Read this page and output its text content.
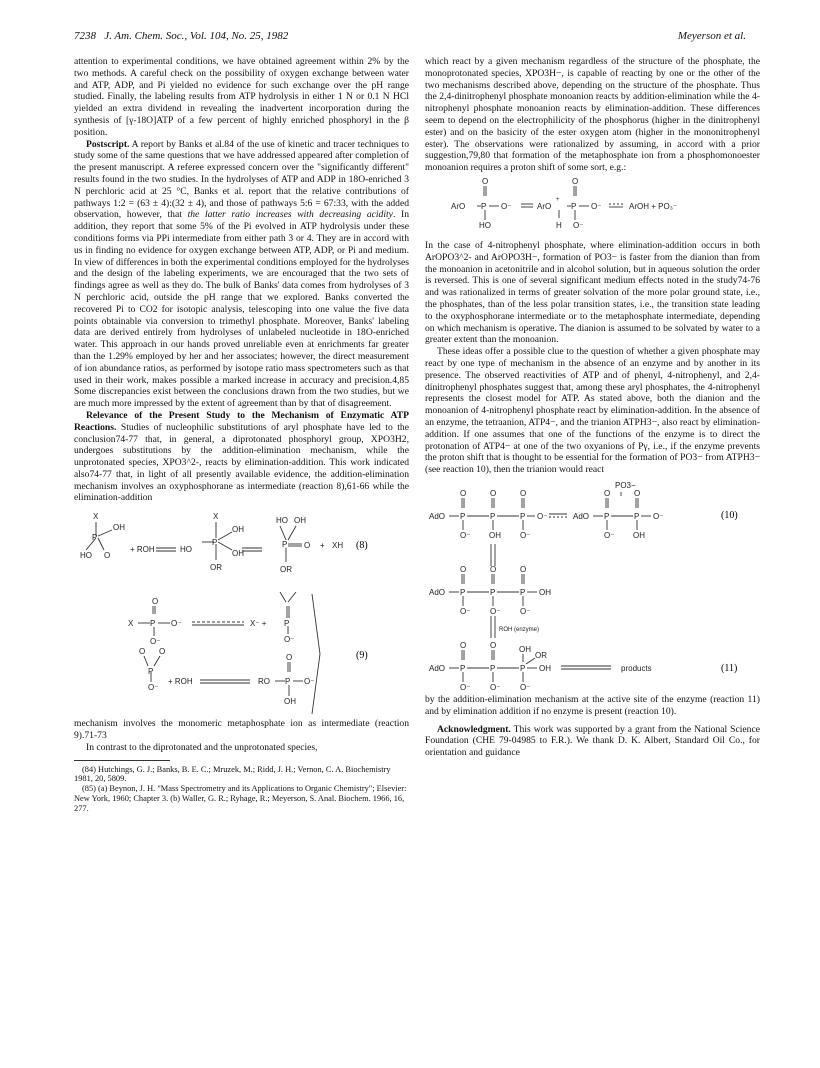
7238 J. Am. Chem. Soc., Vol. 104, No. 25, 1982	Meyerson et al.

attention to experimental conditions, we have obtained agreement within 2% by the two methods. A careful check on the possibility of oxygen exchange between water and ATP, ADP, and Pi yielded no evidence for such exchange over the pH range studied. Finally, the labeling results from ATP hydrolysis in either 1 N or 0.1 N HCl yielded an extra dividend in revealing the inadvertent incorporation during the synthesis of [γ-18O]ATP of a few percent of highly enriched phosphoryl in the β position.

Postscript. A report by Banks et al.84 of the use of kinetic and tracer techniques to study some of the same questions that we have addressed appeared after completion of the present manuscript. A referee expressed concern over the "significantly different" results found in the two studies. In the hydrolyses of ATP and ADP in 18O-enriched 3 N perchloric acid at 25 °C, Banks et al. report that the relative contributions of pathways 1:2 = (63 ± 4):(32 ± 4), and those of pathways 5:6 = 67:33, with the added observation, however, that the latter ratio increases with decreasing acidity. In addition, they report that some 5% of the Pi evolved in ATP hydrolysis under these conditions forms via PPi intermediate from either path 3 or 4. They are in accord with us in finding no evidence for oxygen exchange between ATP, ADP, or Pi and medium. In view of differences in both the experimental conditions employed for the hydrolyses and the design of the labeling experiments, we are encouraged that the two sets of findings agree as well as they do. The bulk of Banks' data comes from hydrolyses of 3 N perchloric acid, outside the pH range that we explored. Banks converted the recovered Pi to CO2 for isotopic analysis, telescoping into one value the five data points obtainable via conversion to trimethyl phosphate. Moreover, Banks' labeling data are derived entirely from hydrolyses of unlabeled nucleotide in 18O-enriched water. This approach in our hands proved unreliable even at enrichments far greater than the 1.29% employed by her and her associates; however, the direct measurement of ion abundance ratios, as performed by isotope ratio mass spectrometers such as that used in their work, makes possible a marked increase in accuracy and precision.4,85 Some discrepancies exist between the conclusions drawn from the two studies, but we are much more impressed by the extent of agreement than by that of disagreement.

Relevance of the Present Study to the Mechanism of Enzymatic ATP Reactions. Studies of nucleophilic substitutions of aryl phosphate have led to the conclusion74-77 that, in general, a diprotonated phosphoryl group, XPO3H2, undergoes substitutions by the addition-elimination mechanism, while the unprotonated species, XPO3^2-, reacts by elimination-addition. This work indicated also74-77 that, in light of all presently available evidence, the addition-elimination mechanism involves an oxyphosphorane as intermediate (reaction 8),61-66 while the elimination-addition

X
OH
P
HO O
+ ROH	HO
X
OH
P
OH
OR
HO OH
P O + XH
OR
(8)
O
X P O⁻
O⁻
X⁻ + P
O⁻
O O
P
+ ROH
O⁻
RO
O
P O⁻
OH
(9)

mechanism involves the monomeric metaphosphate ion as intermediate (reaction 9).71-73

In contrast to the diprotonated and the unprotonated species,

(84) Hutchings, G. J.; Banks, B. E. C.; Mruzek, M.; Ridd, J. H.; Vernon, C. A. Biochemistry 1981, 20, 5809.

(85) (a) Beynon, J. H. "Mass Spectrometry and its Applications to Organic Chemistry"; Elsevier: New York, 1960; Chapter 3. (b) Waller, G. R.; Ryhage, R.; Meyerson, S. Anal. Biochem. 1966, 16, 277.

which react by a given mechanism regardless of the structure of the phosphate, the monoprotonated species, XPO3H−, is capable of reacting by one or the other of the two mechanisms described above, depending on the structure of the phosphate. Thus the 2,4-dinitrophenyl phosphate monoanion reacts by addition-elimination while the 4-nitrophenyl phosphate monoanion reacts by elimination-addition. These differences seem to depend on the electrophilicity of the phosphorus (higher in the dinitrophenyl ester) and on the basicity of the ester oxygen atom (higher in the mononitrophenyl ester). The observations were rationalized by assuming, in accord with a prior suggestion,79,80 that formation of the metaphosphate ion from a phosphomonoester monoanion requires a proton shift of some sort, e.g.:

O
ArO P O⁻
HO
O
ArO
+
P O⁻
H O⁻
ArOH + PO₃⁻

In the case of 4-nitrophenyl phosphate, where elimination-addition occurs in both ArOPO3^2- and ArOPO3H−, formation of PO3− is faster from the dianion than from the monoanion in acetonitrile and in alcohol solution, but in aqueous solution the order is reversed. This is one of several significant medium effects noted in the study74-76 and was rationalized in terms of greater solvation of the more polar ground state, i.e., the phosphates, than of the less polar transition states, i.e., the transition state leading to the oxyphosphorane intermediate or to the metaphosphate intermediate, depending on which mechanism is operative. The dianion is assumed to be solvated by water to a greater extent than the monoanion.

These ideas offer a possible clue to the question of whether a given phosphate may react by one type of mechanism in the absence of an enzyme and by another in its presence. The observed reactivities of ATP and of phenyl, 4-nitrophenyl, and 2,4-dinitrophenyl phosphates suggest that, among these aryl phosphates, the 4-nitrophenyl represents the closest model for ATP. As stated above, both the dianion and the monoanion of 4-nitrophenyl phosphate react by elimination-addition. In the absence of an enzyme, the tetraanion, ATP4−, and the trianion ATPH3−, also react by elimination-addition. If one assumes that one of the functions of the enzyme is to direct the protonation of ATP4− at one of the two oxyanions of Pγ, i.e., if the enzyme prevents the proton shift that is thought to be essential for the formation of PO3− from ATPH3− (see reaction 10), then the trianion would react

PO3−
O	O	O
AdO P	P	P O⁻
O⁻ OH O⁻
O	O
AdO P	P O⁻
O⁻ OH
O	O	O
AdO P	P	P OH
O⁻ O⁻ O⁻
ROH (enzyme)
O	O	OH
OR
AdO P	P	P OH
O⁻ O⁻ O⁻
products
(10)
(11)

by the addition-elimination mechanism at the active site of the enzyme (reaction 11) and by elimination addition if no enzyme is present (reaction 10).

Acknowledgment. This work was supported by a grant from the National Science Foundation (CHE 79-04985 to F.R.). We thank D. K. Albert, Standard Oil Co., for orientation and guidance
